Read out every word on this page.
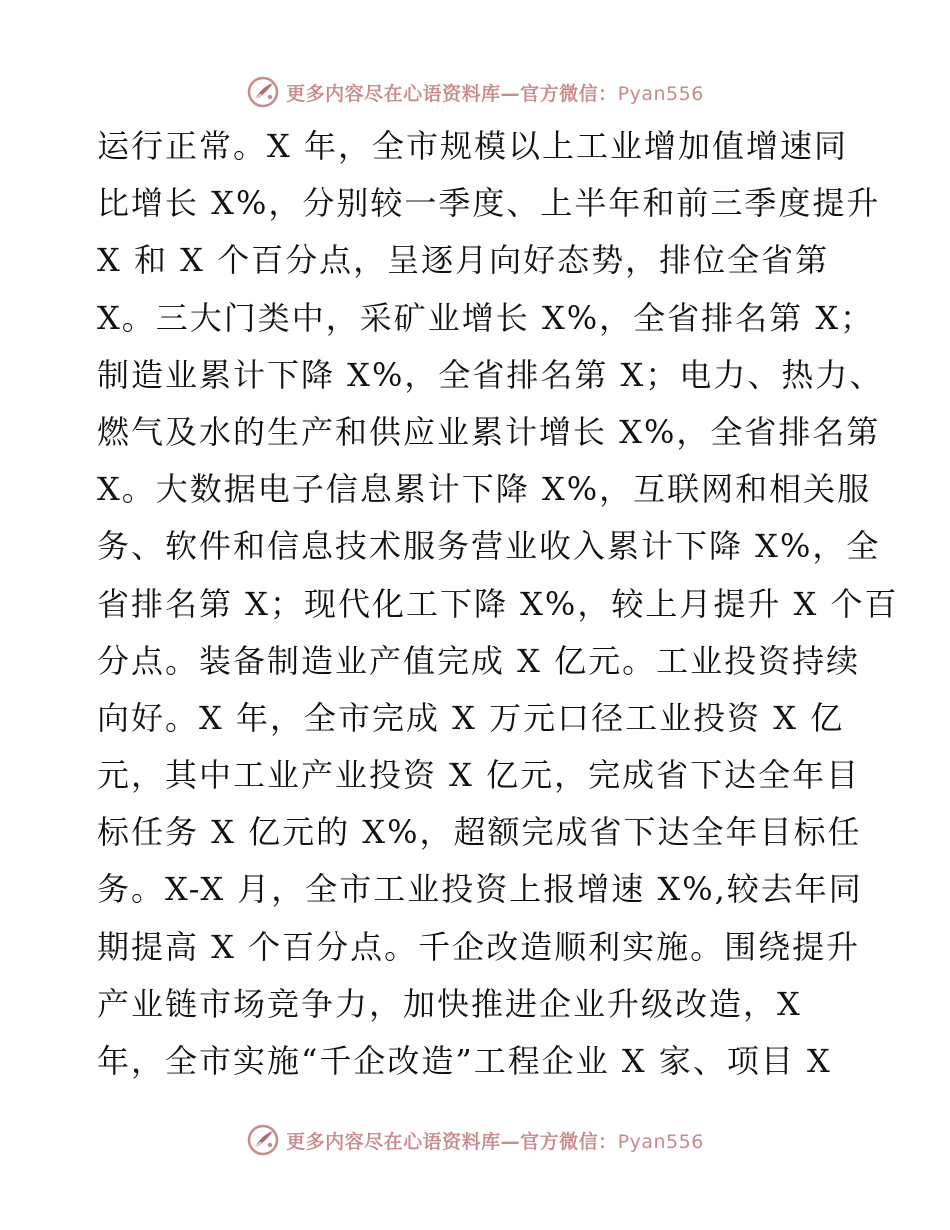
更多内容尽在心语资料库—官方微信：Pyan556
运行正常。X 年，全市规模以上工业增加值增速同
比增长 X%，分别较一季度、上半年和前三季度提升
X 和 X 个百分点，呈逐月向好态势，排位全省第
X。三大门类中，采矿业增长 X%，全省排名第 X；
制造业累计下降 X%，全省排名第 X；电力、热力、
燃气及水的生产和供应业累计增长 X%，全省排名第
X。大数据电子信息累计下降 X%，互联网和相关服
务、软件和信息技术服务营业收入累计下降 X%，全
省排名第 X；现代化工下降 X%，较上月提升 X 个百
分点。装备制造业产值完成 X 亿元。工业投资持续
向好。X 年，全市完成 X 万元口径工业投资 X 亿
元，其中工业产业投资 X 亿元，完成省下达全年目
标任务 X 亿元的 X%，超额完成省下达全年目标任
务。X-X 月，全市工业投资上报增速 X%,较去年同
期提高 X 个百分点。千企改造顺利实施。围绕提升
产业链市场竞争力，加快推进企业升级改造，X
年，全市实施“千企改造”工程企业 X 家、项目 X
更多内容尽在心语资料库—官方微信：Pyan556
